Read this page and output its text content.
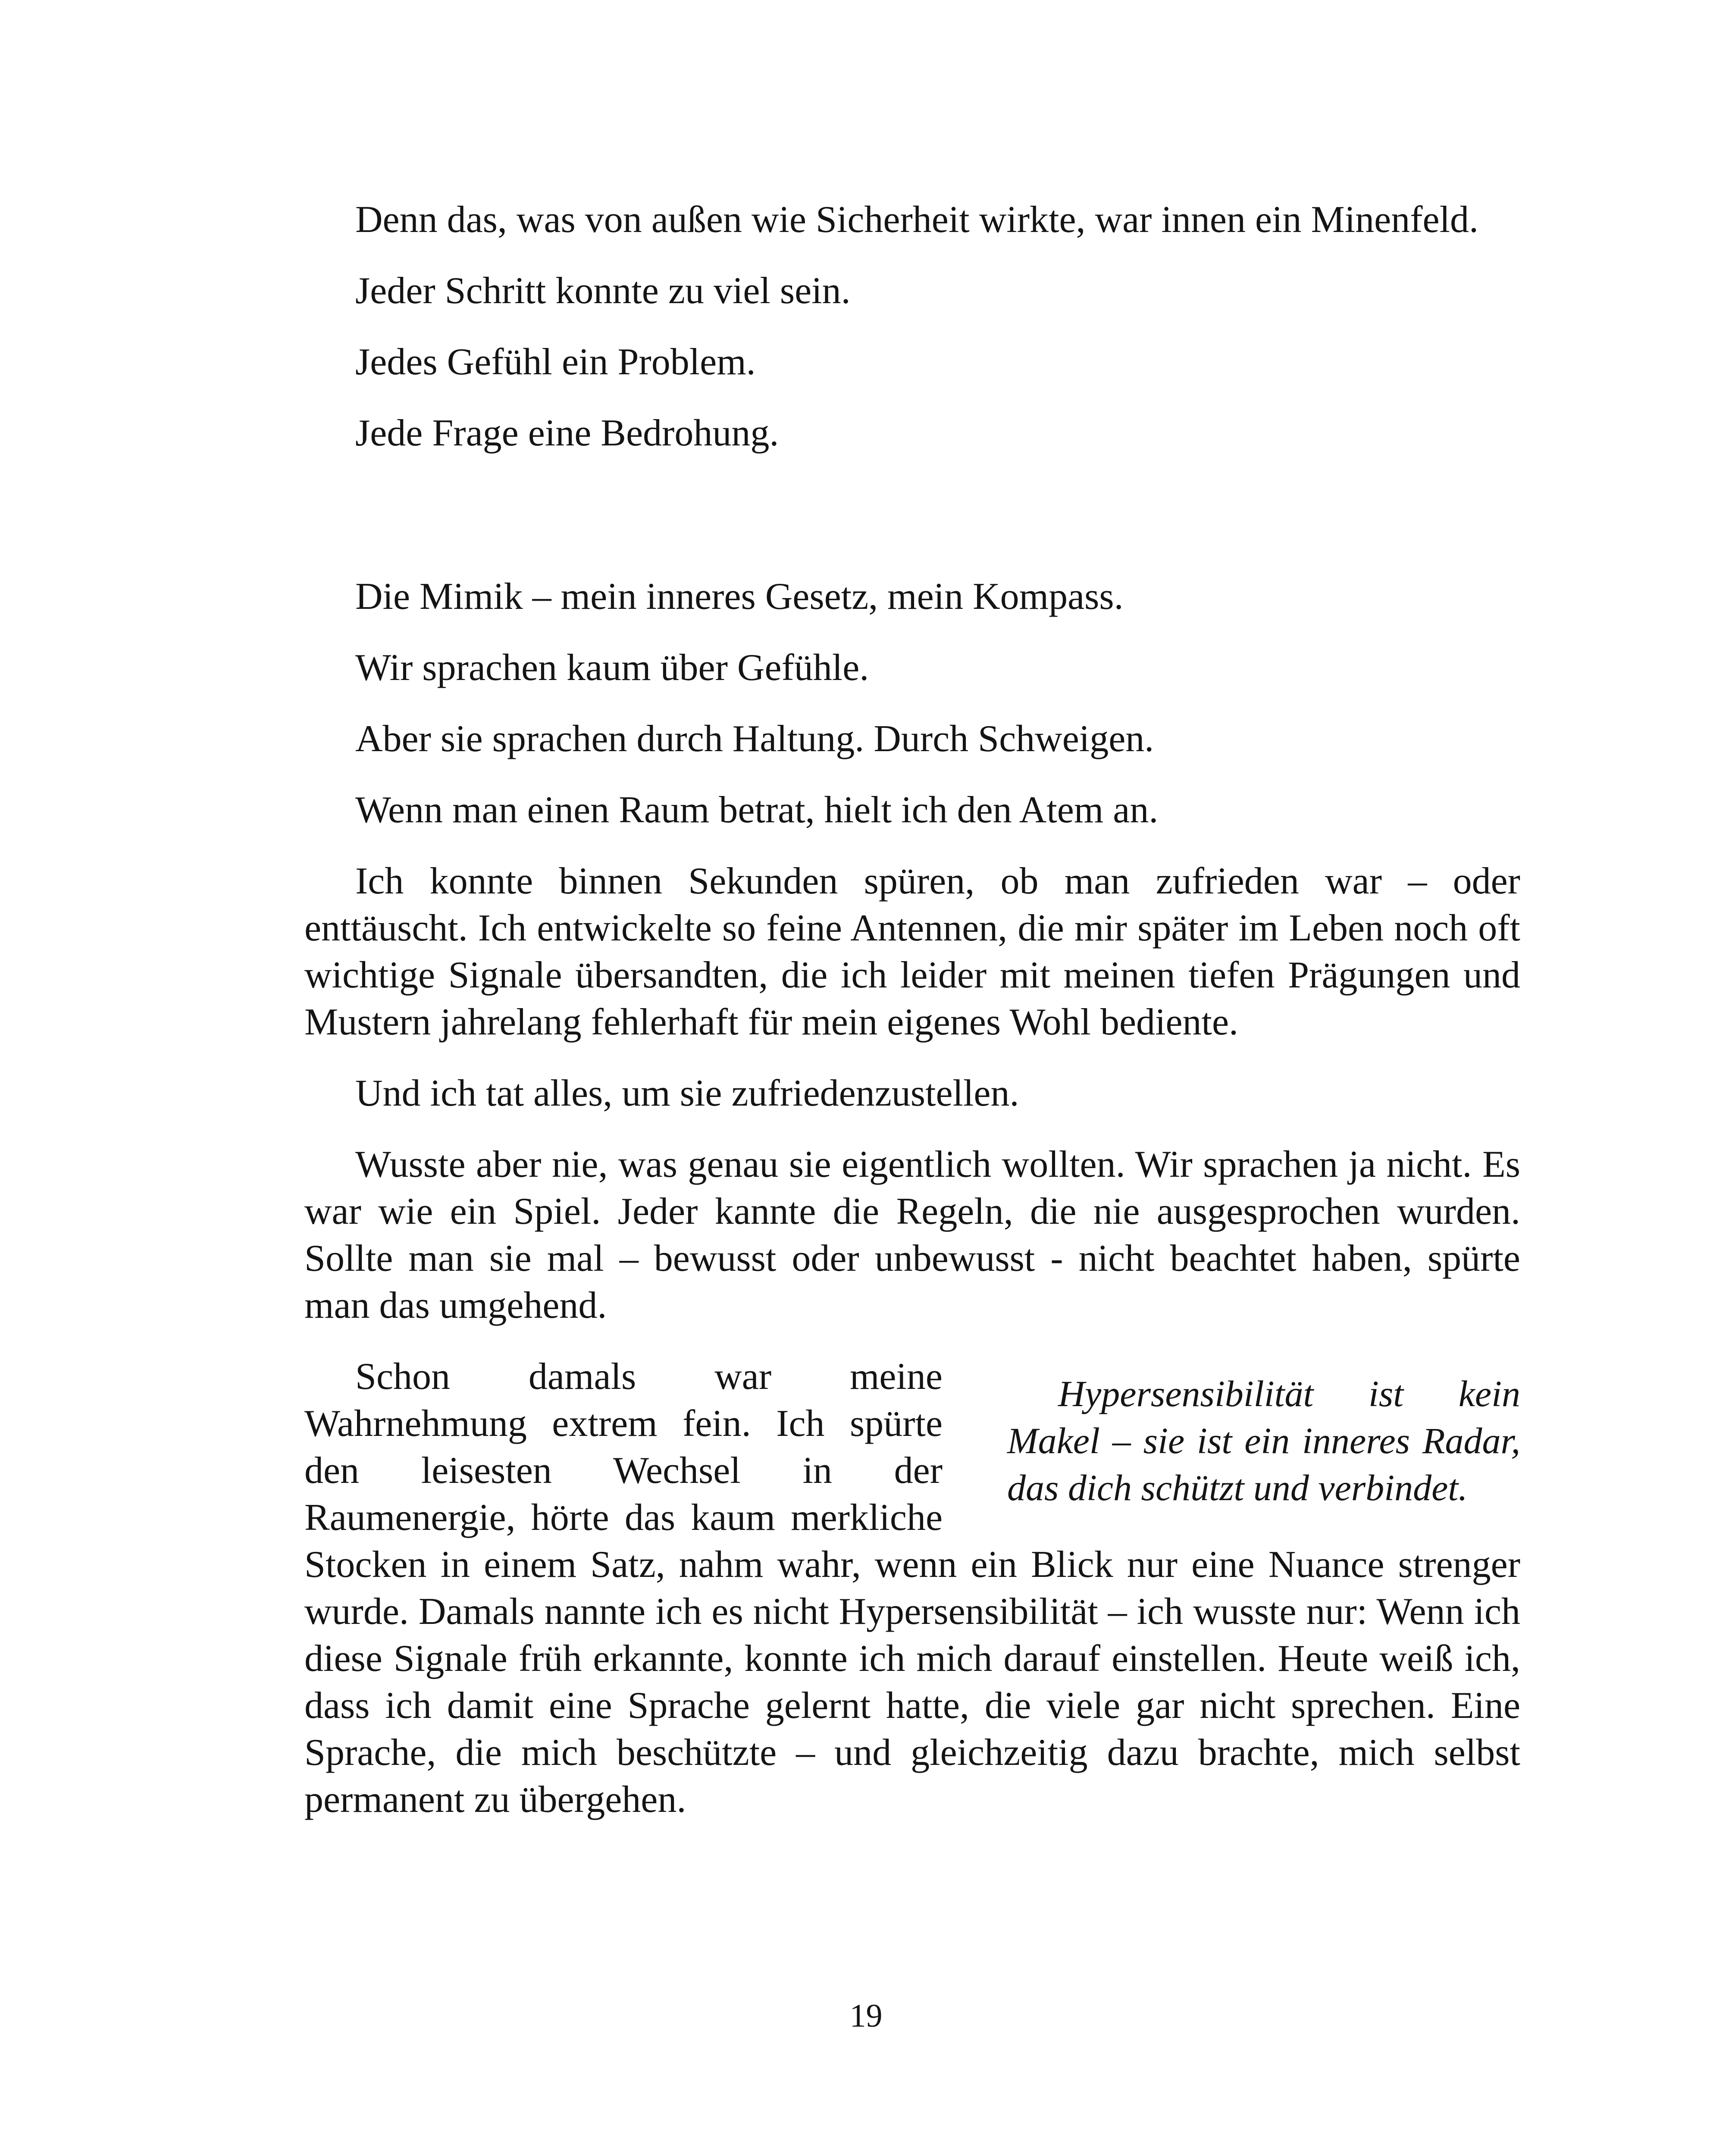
Denn das, was von außen wie Sicherheit wirkte, war innen ein Minenfeld.

Jeder Schritt konnte zu viel sein.

Jedes Gefühl ein Problem.

Jede Frage eine Bedrohung.

Die Mimik – mein inneres Gesetz, mein Kompass.

Wir sprachen kaum über Gefühle.

Aber sie sprachen durch Haltung. Durch Schweigen.

Wenn man einen Raum betrat, hielt ich den Atem an.

Ich konnte binnen Sekunden spüren, ob man zufrieden war – oder enttäuscht. Ich entwickelte so feine Antennen, die mir später im Leben noch oft wichtige Signale übersandten, die ich leider mit meinen tiefen Prägungen und Mustern jahrelang fehlerhaft für mein eigenes Wohl bediente.

Und ich tat alles, um sie zufriedenzustellen.

Wusste aber nie, was genau sie eigentlich wollten. Wir sprachen ja nicht. Es war wie ein Spiel. Jeder kannte die Regeln, die nie ausgesprochen wurden. Sollte man sie mal – bewusst oder unbewusst - nicht beachtet haben, spürte man das umgehend.

Hypersensibilität ist kein Makel – sie ist ein inneres Radar, das dich schützt und verbindet.

Schon damals war meine Wahrnehmung extrem fein. Ich spürte den leisesten Wechsel in der Raumenergie, hörte das kaum merkliche Stocken in einem Satz, nahm wahr, wenn ein Blick nur eine Nuance strenger wurde. Damals nannte ich es nicht Hypersensibilität – ich wusste nur: Wenn ich diese Signale früh erkannte, konnte ich mich darauf einstellen. Heute weiß ich, dass ich damit eine Sprache gelernt hatte, die viele gar nicht sprechen. Eine Sprache, die mich beschützte – und gleichzeitig dazu brachte, mich selbst permanent zu übergehen.

19
